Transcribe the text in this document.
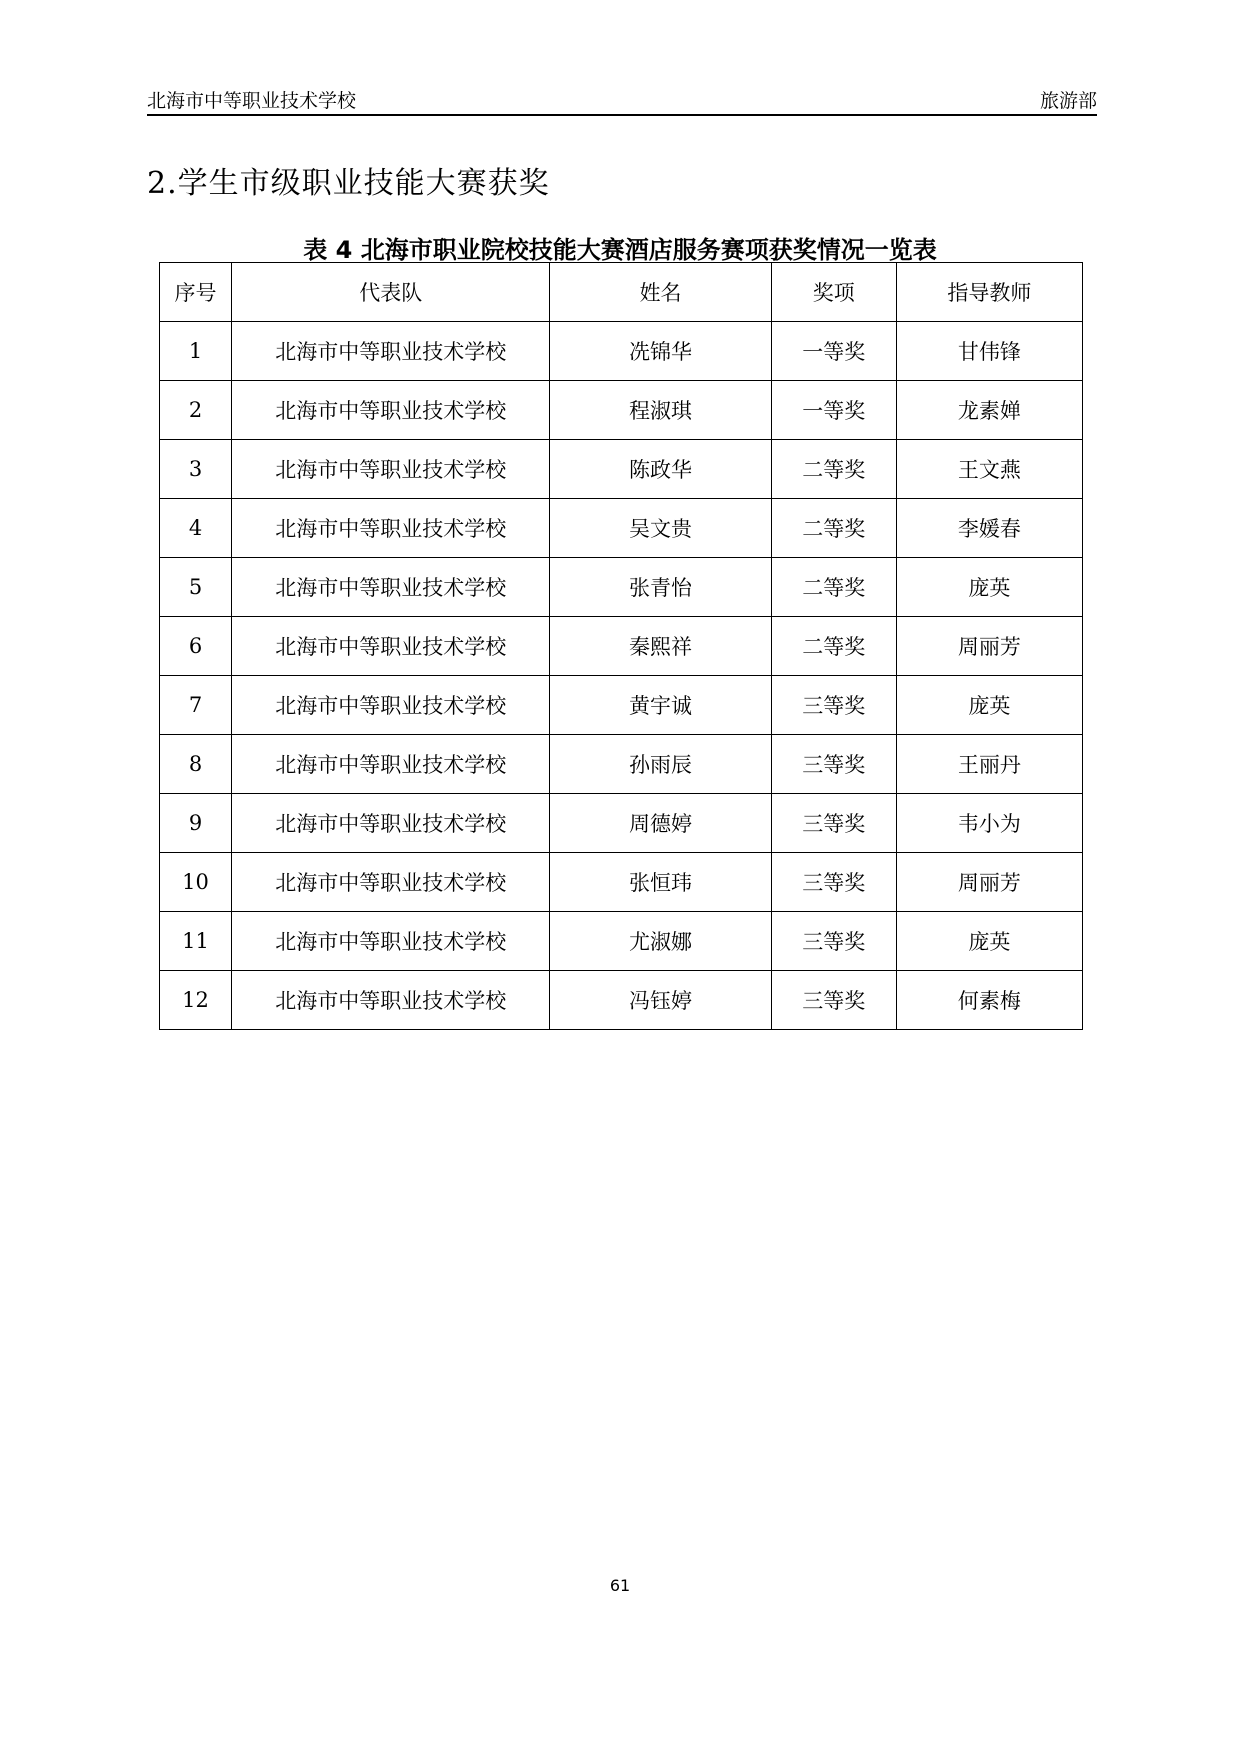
北海市中等职业技术学校	旅游部
2.学生市级职业技能大赛获奖
表 4 北海市职业院校技能大赛酒店服务赛项获奖情况一览表
序号	代表队	姓名	奖项	指导教师
1	北海市中等职业技术学校	冼锦华	一等奖	甘伟锋
2	北海市中等职业技术学校	程淑琪	一等奖	龙素婵
3	北海市中等职业技术学校	陈政华	二等奖	王文燕
4	北海市中等职业技术学校	吴文贵	二等奖	李媛春
5	北海市中等职业技术学校	张青怡	二等奖	庞英
6	北海市中等职业技术学校	秦熙祥	二等奖	周丽芳
7	北海市中等职业技术学校	黄宇诚	三等奖	庞英
8	北海市中等职业技术学校	孙雨辰	三等奖	王丽丹
9	北海市中等职业技术学校	周德婷	三等奖	韦小为
10	北海市中等职业技术学校	张恒玮	三等奖	周丽芳
11	北海市中等职业技术学校	尤淑娜	三等奖	庞英
12	北海市中等职业技术学校	冯钰婷	三等奖	何素梅
61
